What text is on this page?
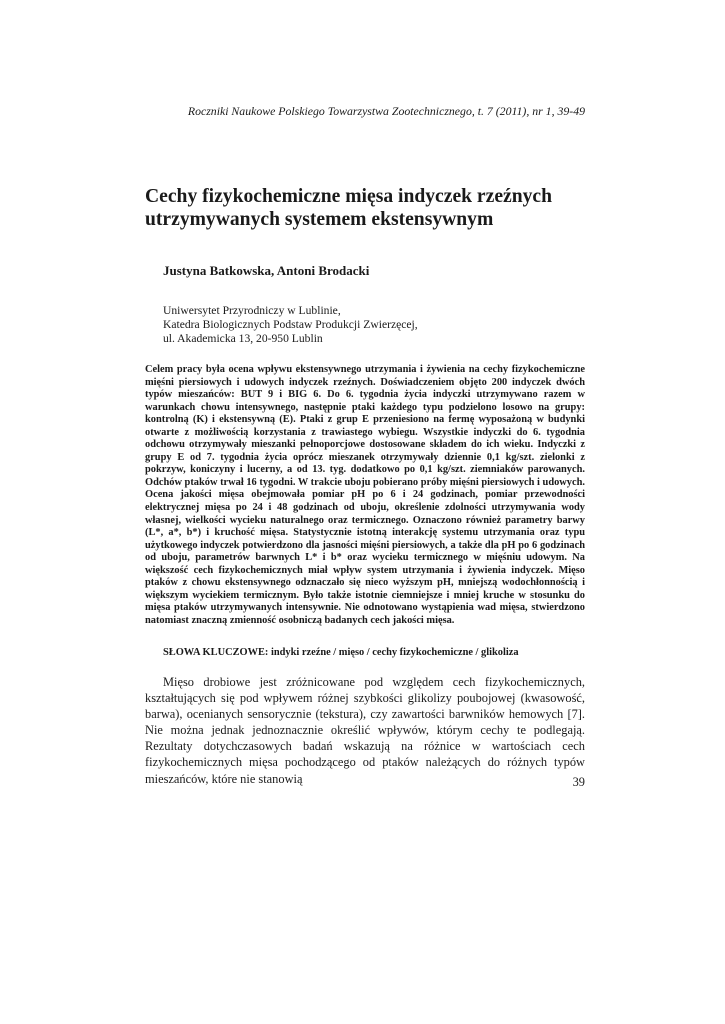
Roczniki Naukowe Polskiego Towarzystwa Zootechnicznego, t. 7 (2011), nr 1, 39-49
Cechy fizykochemiczne mięsa indyczek rzeźnych
utrzymywanych systemem ekstensywnym
Justyna Batkowska, Antoni Brodacki
Uniwersytet Przyrodniczy w Lublinie,
Katedra Biologicznych Podstaw Produkcji Zwierzęcej,
ul. Akademicka 13, 20-950 Lublin

Celem pracy była ocena wpływu ekstensywnego utrzymania i żywienia na cechy fizykochemiczne mięśni piersiowych i udowych indyczek rzeźnych. Doświadczeniem objęto 200 indyczek dwóch typów mieszańców: BUT 9 i BIG 6. Do 6. tygodnia życia indyczki utrzymywano razem w warunkach chowu intensywnego, następnie ptaki każdego typu podzielono losowo na grupy: kontrolną (K) i ekstensywną (E). Ptaki z grup E przeniesiono na fermę wyposażoną w budynki otwarte z możliwością korzystania z trawiastego wybiegu. Wszystkie indyczki do 6. tygodnia odchowu otrzymywały mieszanki pełnoporcjowe dostosowane składem do ich wieku. Indyczki z grupy E od 7. tygodnia życia oprócz mieszanek otrzymywały dziennie 0,1 kg/szt. zielonki z pokrzyw, koniczyny i lucerny, a od 13. tyg. dodatkowo po 0,1 kg/szt. ziemniaków parowanych. Odchów ptaków trwał 16 tygodni. W trakcie uboju pobierano próby mięśni piersiowych i udowych. Ocena jakości mięsa obejmowała pomiar pH po 6 i 24 godzinach, pomiar przewodności elektrycznej mięsa po 24 i 48 godzinach od uboju, określenie zdolności utrzymywania wody własnej, wielkości wycieku naturalnego oraz termicznego. Oznaczono również parametry barwy (L*, a*, b*) i kruchość mięsa. Statystycznie istotną interakcję systemu utrzymania oraz typu użytkowego indyczek potwierdzono dla jasności mięśni piersiowych, a także dla pH po 6 godzinach od uboju, parametrów barwnych L* i b* oraz wycieku termicznego w mięśniu udowym. Na większość cech fizykochemicznych miał wpływ system utrzymania i żywienia indyczek. Mięso ptaków z chowu ekstensywnego odznaczało się nieco wyższym pH, mniejszą wodochłonnością i większym wyciekiem termicznym. Było także istotnie ciemniejsze i mniej kruche w stosunku do mięsa ptaków utrzymywanych intensywnie. Nie odnotowano wystąpienia wad mięsa, stwierdzono natomiast znaczną zmienność osobniczą badanych cech jakości mięsa.

SŁOWA KLUCZOWE: indyki rzeźne / mięso / cechy fizykochemiczne / glikoliza

Mięso drobiowe jest zróżnicowane pod względem cech fizykochemicznych, kształtujących się pod wpływem różnej szybkości glikolizy poubojowej (kwasowość, barwa), ocenianych sensorycznie (tekstura), czy zawartości barwników hemowych [7]. Nie można jednak jednoznacznie określić wpływów, którym cechy te podlegają. Rezultaty dotychczasowych badań wskazują na różnice w wartościach cech fizykochemicznych mięsa pochodzącego od ptaków należących do różnych typów mieszańców, które nie stanowią	39
